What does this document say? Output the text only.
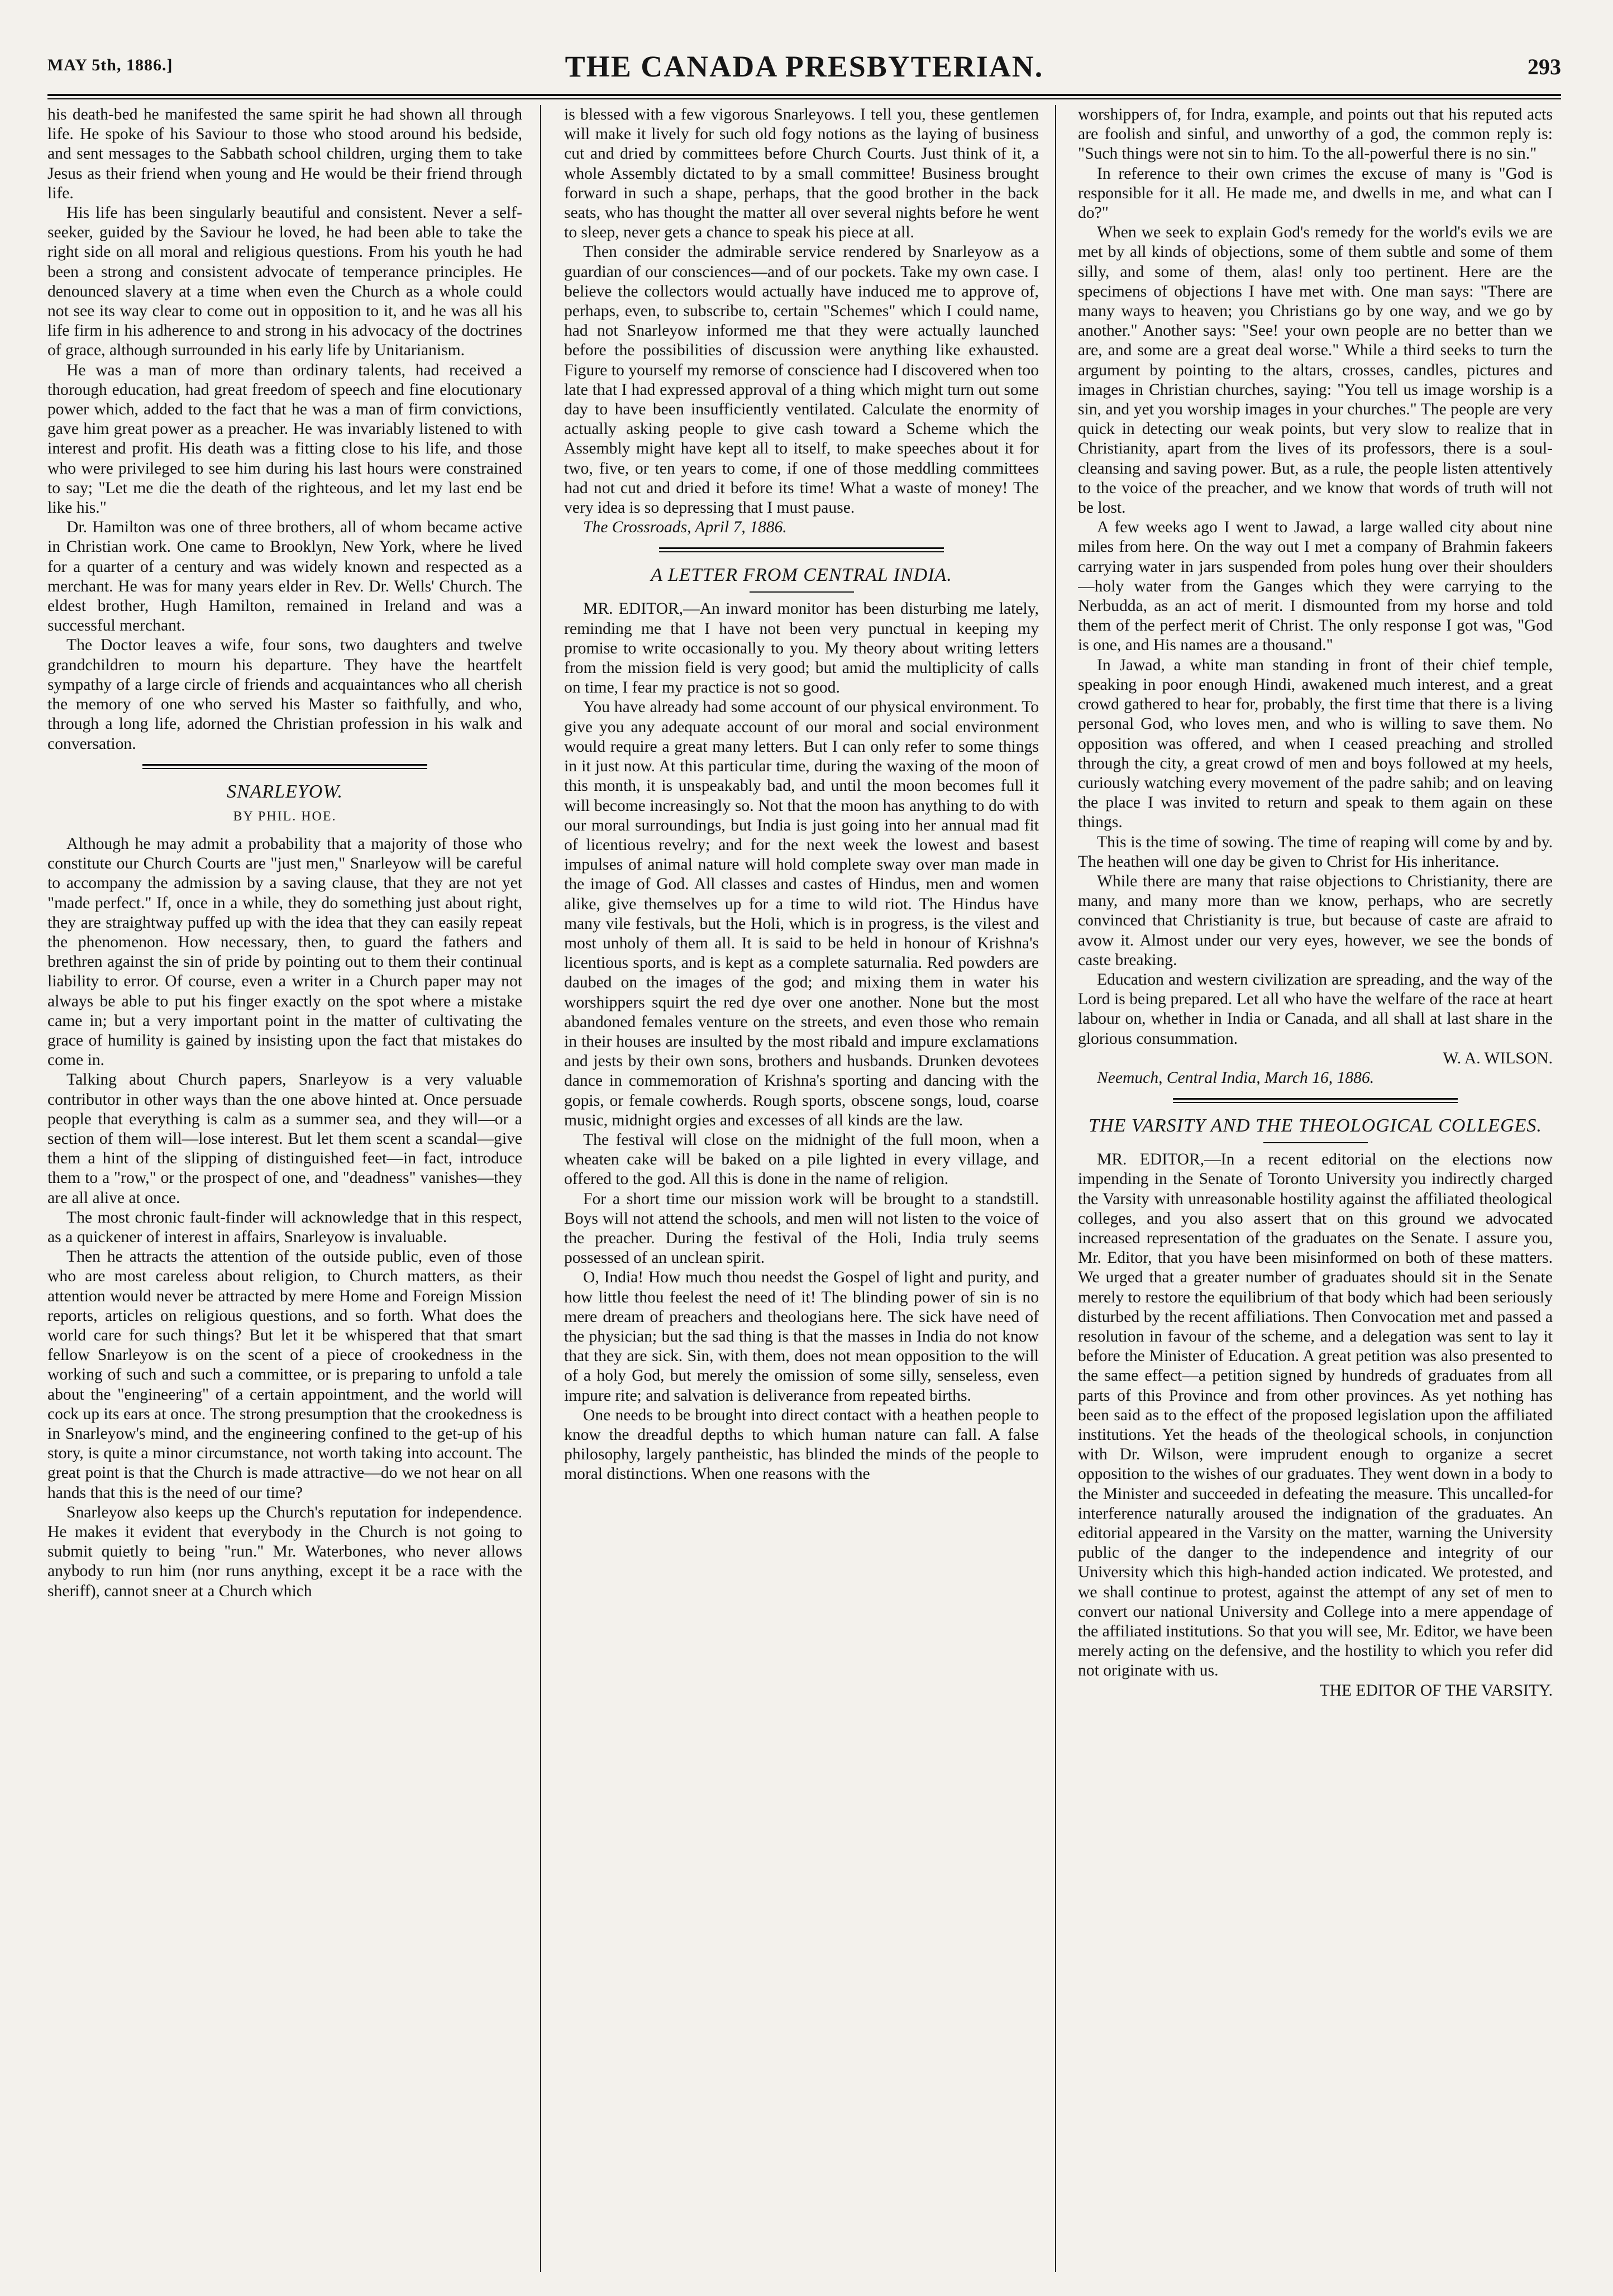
MAY 5th, 1886.]	THE CANADA PRESBYTERIAN.	293

his death-bed he manifested the same spirit he had shown all through life. He spoke of his Saviour to those who stood around his bedside, and sent messages to the Sabbath school children, urging them to take Jesus as their friend when young and He would be their friend through life.

His life has been singularly beautiful and consistent. Never a self-seeker, guided by the Saviour he loved, he had been able to take the right side on all moral and religious questions. From his youth he had been a strong and consistent advocate of temperance principles. He denounced slavery at a time when even the Church as a whole could not see its way clear to come out in opposition to it, and he was all his life firm in his adherence to and strong in his advocacy of the doctrines of grace, although surrounded in his early life by Unitarianism.

He was a man of more than ordinary talents, had received a thorough education, had great freedom of speech and fine elocutionary power which, added to the fact that he was a man of firm convictions, gave him great power as a preacher. He was invariably listened to with interest and profit. His death was a fitting close to his life, and those who were privileged to see him during his last hours were constrained to say; "Let me die the death of the righteous, and let my last end be like his."

Dr. Hamilton was one of three brothers, all of whom became active in Christian work. One came to Brooklyn, New York, where he lived for a quarter of a century and was widely known and respected as a merchant. He was for many years elder in Rev. Dr. Wells' Church. The eldest brother, Hugh Hamilton, remained in Ireland and was a successful merchant.

The Doctor leaves a wife, four sons, two daughters and twelve grandchildren to mourn his departure. They have the heartfelt sympathy of a large circle of friends and acquaintances who all cherish the memory of one who served his Master so faithfully, and who, through a long life, adorned the Christian profession in his walk and conversation.

SNARLEYOW.
BY PHIL. HOE.

Although he may admit a probability that a majority of those who constitute our Church Courts are "just men," Snarleyow will be careful to accompany the admission by a saving clause, that they are not yet "made perfect." If, once in a while, they do something just about right, they are straightway puffed up with the idea that they can easily repeat the phenomenon. How necessary, then, to guard the fathers and brethren against the sin of pride by pointing out to them their continual liability to error. Of course, even a writer in a Church paper may not always be able to put his finger exactly on the spot where a mistake came in; but a very important point in the matter of cultivating the grace of humility is gained by insisting upon the fact that mistakes do come in.

Talking about Church papers, Snarleyow is a very valuable contributor in other ways than the one above hinted at. Once persuade people that everything is calm as a summer sea, and they will—or a section of them will—lose interest. But let them scent a scandal—give them a hint of the slipping of distinguished feet—in fact, introduce them to a "row," or the prospect of one, and "deadness" vanishes—they are all alive at once.

The most chronic fault-finder will acknowledge that in this respect, as a quickener of interest in affairs, Snarleyow is invaluable.

Then he attracts the attention of the outside public, even of those who are most careless about religion, to Church matters, as their attention would never be attracted by mere Home and Foreign Mission reports, articles on religious questions, and so forth. What does the world care for such things? But let it be whispered that that smart fellow Snarleyow is on the scent of a piece of crookedness in the working of such and such a committee, or is preparing to unfold a tale about the "engineering" of a certain appointment, and the world will cock up its ears at once. The strong presumption that the crookedness is in Snarleyow's mind, and the engineering confined to the get-up of his story, is quite a minor circumstance, not worth taking into account. The great point is that the Church is made attractive—do we not hear on all hands that this is the need of our time?

Snarleyow also keeps up the Church's reputation for independence. He makes it evident that everybody in the Church is not going to submit quietly to being "run." Mr. Waterbones, who never allows anybody to run him (nor runs anything, except it be a race with the sheriff), cannot sneer at a Church which

is blessed with a few vigorous Snarleyows. I tell you, these gentlemen will make it lively for such old fogy notions as the laying of business cut and dried by committees before Church Courts. Just think of it, a whole Assembly dictated to by a small committee! Business brought forward in such a shape, perhaps, that the good brother in the back seats, who has thought the matter all over several nights before he went to sleep, never gets a chance to speak his piece at all.

Then consider the admirable service rendered by Snarleyow as a guardian of our consciences—and of our pockets. Take my own case. I believe the collectors would actually have induced me to approve of, perhaps, even, to subscribe to, certain "Schemes" which I could name, had not Snarleyow informed me that they were actually launched before the possibilities of discussion were anything like exhausted. Figure to yourself my remorse of conscience had I discovered when too late that I had expressed approval of a thing which might turn out some day to have been insufficiently ventilated. Calculate the enormity of actually asking people to give cash toward a Scheme which the Assembly might have kept all to itself, to make speeches about it for two, five, or ten years to come, if one of those meddling committees had not cut and dried it before its time! What a waste of money! The very idea is so depressing that I must pause.

The Crossroads, April 7, 1886.

A LETTER FROM CENTRAL INDIA.

MR. EDITOR,—An inward monitor has been disturbing me lately, reminding me that I have not been very punctual in keeping my promise to write occasionally to you. My theory about writing letters from the mission field is very good; but amid the multiplicity of calls on time, I fear my practice is not so good.

You have already had some account of our physical environment. To give you any adequate account of our moral and social environment would require a great many letters. But I can only refer to some things in it just now. At this particular time, during the waxing of the moon of this month, it is unspeakably bad, and until the moon becomes full it will become increasingly so. Not that the moon has anything to do with our moral surroundings, but India is just going into her annual mad fit of licentious revelry; and for the next week the lowest and basest impulses of animal nature will hold complete sway over man made in the image of God. All classes and castes of Hindus, men and women alike, give themselves up for a time to wild riot. The Hindus have many vile festivals, but the Holi, which is in progress, is the vilest and most unholy of them all. It is said to be held in honour of Krishna's licentious sports, and is kept as a complete saturnalia. Red powders are daubed on the images of the god; and mixing them in water his worshippers squirt the red dye over one another. None but the most abandoned females venture on the streets, and even those who remain in their houses are insulted by the most ribald and impure exclamations and jests by their own sons, brothers and husbands. Drunken devotees dance in commemoration of Krishna's sporting and dancing with the gopis, or female cowherds. Rough sports, obscene songs, loud, coarse music, midnight orgies and excesses of all kinds are the law.

The festival will close on the midnight of the full moon, when a wheaten cake will be baked on a pile lighted in every village, and offered to the god. All this is done in the name of religion.

For a short time our mission work will be brought to a standstill. Boys will not attend the schools, and men will not listen to the voice of the preacher. During the festival of the Holi, India truly seems possessed of an unclean spirit.

O, India! How much thou needst the Gospel of light and purity, and how little thou feelest the need of it! The blinding power of sin is no mere dream of preachers and theologians here. The sick have need of the physician; but the sad thing is that the masses in India do not know that they are sick. Sin, with them, does not mean opposition to the will of a holy God, but merely the omission of some silly, senseless, even impure rite; and salvation is deliverance from repeated births.

One needs to be brought into direct contact with a heathen people to know the dreadful depths to which human nature can fall. A false philosophy, largely pantheistic, has blinded the minds of the people to moral distinctions. When one reasons with the

worshippers of, for Indra, example, and points out that his reputed acts are foolish and sinful, and unworthy of a god, the common reply is: "Such things were not sin to him. To the all-powerful there is no sin."

In reference to their own crimes the excuse of many is "God is responsible for it all. He made me, and dwells in me, and what can I do?"

When we seek to explain God's remedy for the world's evils we are met by all kinds of objections, some of them subtle and some of them silly, and some of them, alas! only too pertinent. Here are the specimens of objections I have met with. One man says: "There are many ways to heaven; you Christians go by one way, and we go by another." Another says: "See! your own people are no better than we are, and some are a great deal worse." While a third seeks to turn the argument by pointing to the altars, crosses, candles, pictures and images in Christian churches, saying: "You tell us image worship is a sin, and yet you worship images in your churches." The people are very quick in detecting our weak points, but very slow to realize that in Christianity, apart from the lives of its professors, there is a soul-cleansing and saving power. But, as a rule, the people listen attentively to the voice of the preacher, and we know that words of truth will not be lost.

A few weeks ago I went to Jawad, a large walled city about nine miles from here. On the way out I met a company of Brahmin fakeers carrying water in jars suspended from poles hung over their shoulders—holy water from the Ganges which they were carrying to the Nerbudda, as an act of merit. I dismounted from my horse and told them of the perfect merit of Christ. The only response I got was, "God is one, and His names are a thousand."

In Jawad, a white man standing in front of their chief temple, speaking in poor enough Hindi, awakened much interest, and a great crowd gathered to hear for, probably, the first time that there is a living personal God, who loves men, and who is willing to save them. No opposition was offered, and when I ceased preaching and strolled through the city, a great crowd of men and boys followed at my heels, curiously watching every movement of the padre sahib; and on leaving the place I was invited to return and speak to them again on these things.

This is the time of sowing. The time of reaping will come by and by. The heathen will one day be given to Christ for His inheritance.

While there are many that raise objections to Christianity, there are many, and many more than we know, perhaps, who are secretly convinced that Christianity is true, but because of caste are afraid to avow it. Almost under our very eyes, however, we see the bonds of caste breaking.

Education and western civilization are spreading, and the way of the Lord is being prepared. Let all who have the welfare of the race at heart labour on, whether in India or Canada, and all shall at last share in the glorious consummation.

W. A. WILSON.

Neemuch, Central India, March 16, 1886.

THE VARSITY AND THE THEOLOGICAL COLLEGES.

MR. EDITOR,—In a recent editorial on the elections now impending in the Senate of Toronto University you indirectly charged the Varsity with unreasonable hostility against the affiliated theological colleges, and you also assert that on this ground we advocated increased representation of the graduates on the Senate. I assure you, Mr. Editor, that you have been misinformed on both of these matters. We urged that a greater number of graduates should sit in the Senate merely to restore the equilibrium of that body which had been seriously disturbed by the recent affiliations. Then Convocation met and passed a resolution in favour of the scheme, and a delegation was sent to lay it before the Minister of Education. A great petition was also presented to the same effect—a petition signed by hundreds of graduates from all parts of this Province and from other provinces. As yet nothing has been said as to the effect of the proposed legislation upon the affiliated institutions. Yet the heads of the theological schools, in conjunction with Dr. Wilson, were imprudent enough to organize a secret opposition to the wishes of our graduates. They went down in a body to the Minister and succeeded in defeating the measure. This uncalled-for interference naturally aroused the indignation of the graduates. An editorial appeared in the Varsity on the matter, warning the University public of the danger to the independence and integrity of our University which this high-handed action indicated. We protested, and we shall continue to protest, against the attempt of any set of men to convert our national University and College into a mere appendage of the affiliated institutions. So that you will see, Mr. Editor, we have been merely acting on the defensive, and the hostility to which you refer did not originate with us.

THE EDITOR OF THE VARSITY.
